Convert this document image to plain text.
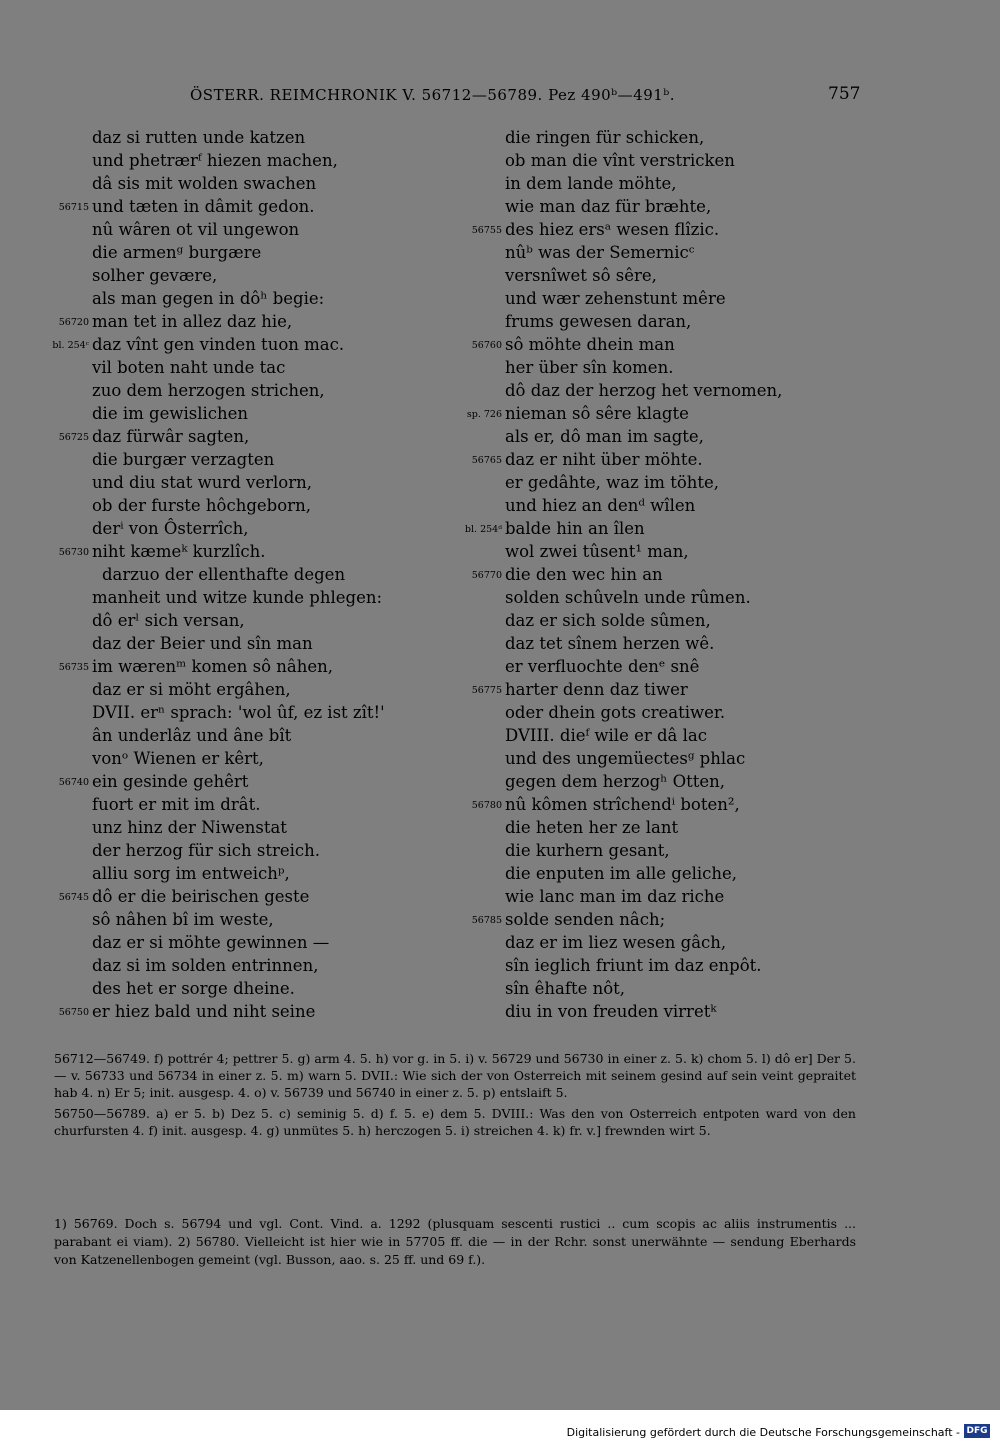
ÖSTERR. REIMCHRONIK V. 56712—56789. Pez 490ᵇ—491ᵇ.	757
daz si rutten unde katzen
und phetrærᶠ hiezen machen,
dâ sis mit wolden swachen
56715 und tæten in dâmit gedon.
nû wâren ot vil ungewon
die armenᵍ burgære
solher gevære,
als man gegen in dôʰ begie:
56720 man tet in allez daz hie,
bl. 254ᶜ daz vînt gen vinden tuon mac.
vil boten naht unde tac
zuo dem herzogen strichen,
die im gewislichen
56725 daz fürwâr sagten,
die burgær verzagten
und diu stat wurd verlorn,
ob der furste hôchgeborn,
derⁱ von Ôsterrîch,
56730 niht kæmeᵏ kurzlîch.
darzuo der ellenthafte degen
manheit und witze kunde phlegen:
dô erˡ sich versan,
daz der Beier und sîn man
56735 im wærenᵐ komen sô nâhen,
daz er si möht ergâhen,
DVII. erⁿ sprach: 'wol ûf, ez ist zît!'
ân underlâz und âne bît
vonᵒ Wienen er kêrt,
56740 ein gesinde gehêrt
fuort er mit im drât.
unz hinz der Niwenstat
der herzog für sich streich.
alliu sorg im entweichᵖ,
56745 dô er die beirischen geste
sô nâhen bî im weste,
daz er si möhte gewinnen —
daz si im solden entrinnen,
des het er sorge dheine.
56750 er hiez bald und niht seine
die ringen für schicken,
ob man die vînt verstricken
in dem lande möhte,
wie man daz für bræhte,
56755 des hiez ersᵃ wesen flîzic.
nûᵇ was der Semernicᶜ
versnîwet sô sêre,
und wær zehenstunt mêre
frums gewesen daran,
56760 sô möhte dhein man
her über sîn komen.
dô daz der herzog het vernomen,
sp. 726 nieman sô sêre klagte
als er, dô man im sagte,
56765 daz er niht über möhte.
er gedâhte, waz im töhte,
und hiez an denᵈ wîlen
bl. 254ᵈ balde hin an îlen
wol zwei tûsent¹ man,
56770 die den wec hin an
solden schûveln unde rûmen.
daz er sich solde sûmen,
daz tet sînem herzen wê.
er verfluochte denᵉ snê
56775 harter denn daz tiwer
oder dhein gots creatiwer.
DVIII. dieᶠ wile er dâ lac
und des ungemüectesᵍ phlac
gegen dem herzogʰ Otten,
56780 nû kômen strîchendⁱ boten²,
die heten her ze lant
die kurhern gesant,
die enputen im alle geliche,
wie lanc man im daz riche
56785 solde senden nâch;
daz er im liez wesen gâch,
sîn ieglich friunt im daz enpôt.
sîn êhafte nôt,
diu in von freuden virretᵏ

56712—56749. f) pottrér 4; pettrer 5. g) arm 4. 5. h) vor g. in 5. i) v. 56729 und 56730 in einer z. 5. k) chom 5. l) dô er] Der 5. — v. 56733 und 56734 in einer z. 5. m) warn 5. DVII.: Wie sich der von Osterreich mit seinem gesind auf sein veint gepraitet hab 4. n) Er 5; init. ausgesp. 4. o) v. 56739 und 56740 in einer z. 5. p) entslaift 5.

56750—56789. a) er 5. b) Dez 5. c) seminig 5. d) f. 5. e) dem 5. DVIII.: Was den von Osterreich entpoten ward von den churfursten 4. f) init. ausgesp. 4. g) unmütes 5. h) herczogen 5. i) streichen 4. k) fr. v.] frewnden wirt 5.

1) 56769. Doch s. 56794 und vgl. Cont. Vind. a. 1292 (plusquam sescenti rustici .. cum scopis ac aliis instrumentis ... parabant ei viam). 2) 56780. Vielleicht ist hier wie in 57705 ff. die — in der Rchr. sonst unerwähnte — sendung Eberhards von Katzenellenbogen gemeint (vgl. Busson, aao. s. 25 ff. und 69 f.).

Digitalisierung gefördert durch die Deutsche Forschungsgemeinschaft - DFG
